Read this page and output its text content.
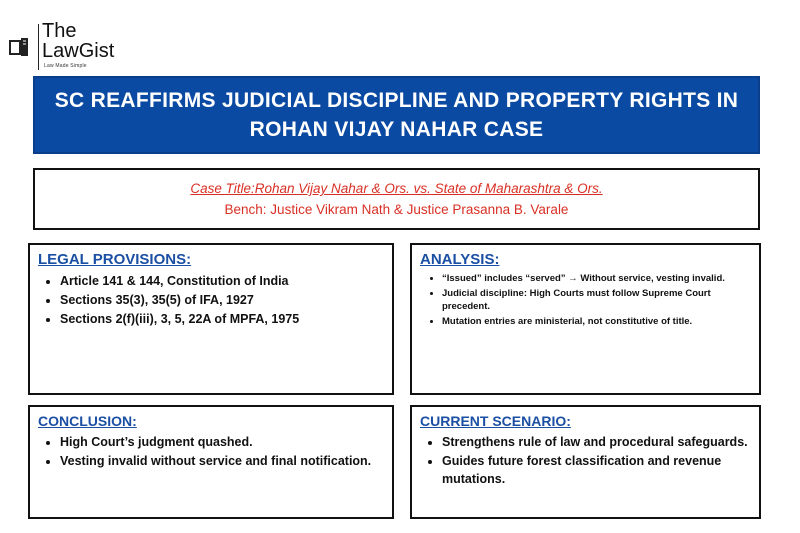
The
LawGist
Law Made Simple
SC REAFFIRMS JUDICIAL DISCIPLINE AND PROPERTY RIGHTS IN ROHAN VIJAY NAHAR CASE
Case Title:Rohan Vijay Nahar & Ors. vs. State of Maharashtra & Ors.
Bench: Justice Vikram Nath & Justice Prasanna B. Varale
LEGAL PROVISIONS:
• Article 141 & 144, Constitution of India
• Sections 35(3), 35(5) of IFA, 1927
• Sections 2(f)(iii), 3, 5, 22A of MPFA, 1975
ANALYSIS:
• “Issued” includes “served” → Without service, vesting invalid.
• Judicial discipline: High Courts must follow Supreme Court precedent.
• Mutation entries are ministerial, not constitutive of title.
CONCLUSION:
• High Court’s judgment quashed.
• Vesting invalid without service and final notification.
CURRENT SCENARIO:
• Strengthens rule of law and procedural safeguards.
• Guides future forest classification and revenue mutations.
